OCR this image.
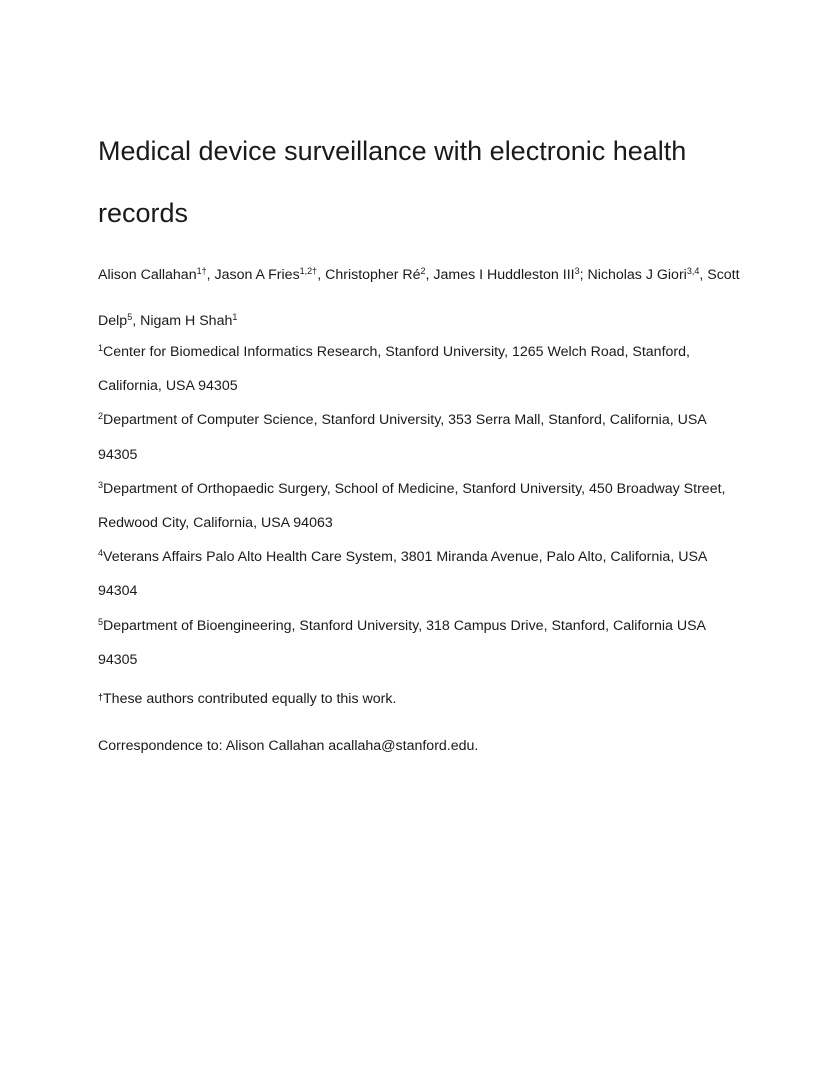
Medical device surveillance with electronic health records

Alison Callahan$^{1\dagger}$, Jason A Fries$^{1,2\dagger}$, Christopher $Ré^2$, James I Huddleston III$^3$; Nicholas J Giori$^{3,4}$, Scott Delp$^5$, Nigam H Shah$^1$

$^1$Center for Biomedical Informatics Research, Stanford University, 1265 Welch Road, Stanford, California, USA 94305
$^2$Department of Computer Science, Stanford University, 353 Serra Mall, Stanford, California, USA 94305
$^3$Department of Orthopaedic Surgery, School of Medicine, Stanford University, 450 Broadway Street, Redwood City, California, USA 94063
$^4$Veterans Affairs Palo Alto Health Care System, 3801 Miranda Avenue, Palo Alto, California, USA 94304
$^5$Department of Bioengineering, Stanford University, 318 Campus Drive, Stanford, California USA 94305

†These authors contributed equally to this work.

Correspondence to: Alison Callahan acallaha@stanford.edu.
